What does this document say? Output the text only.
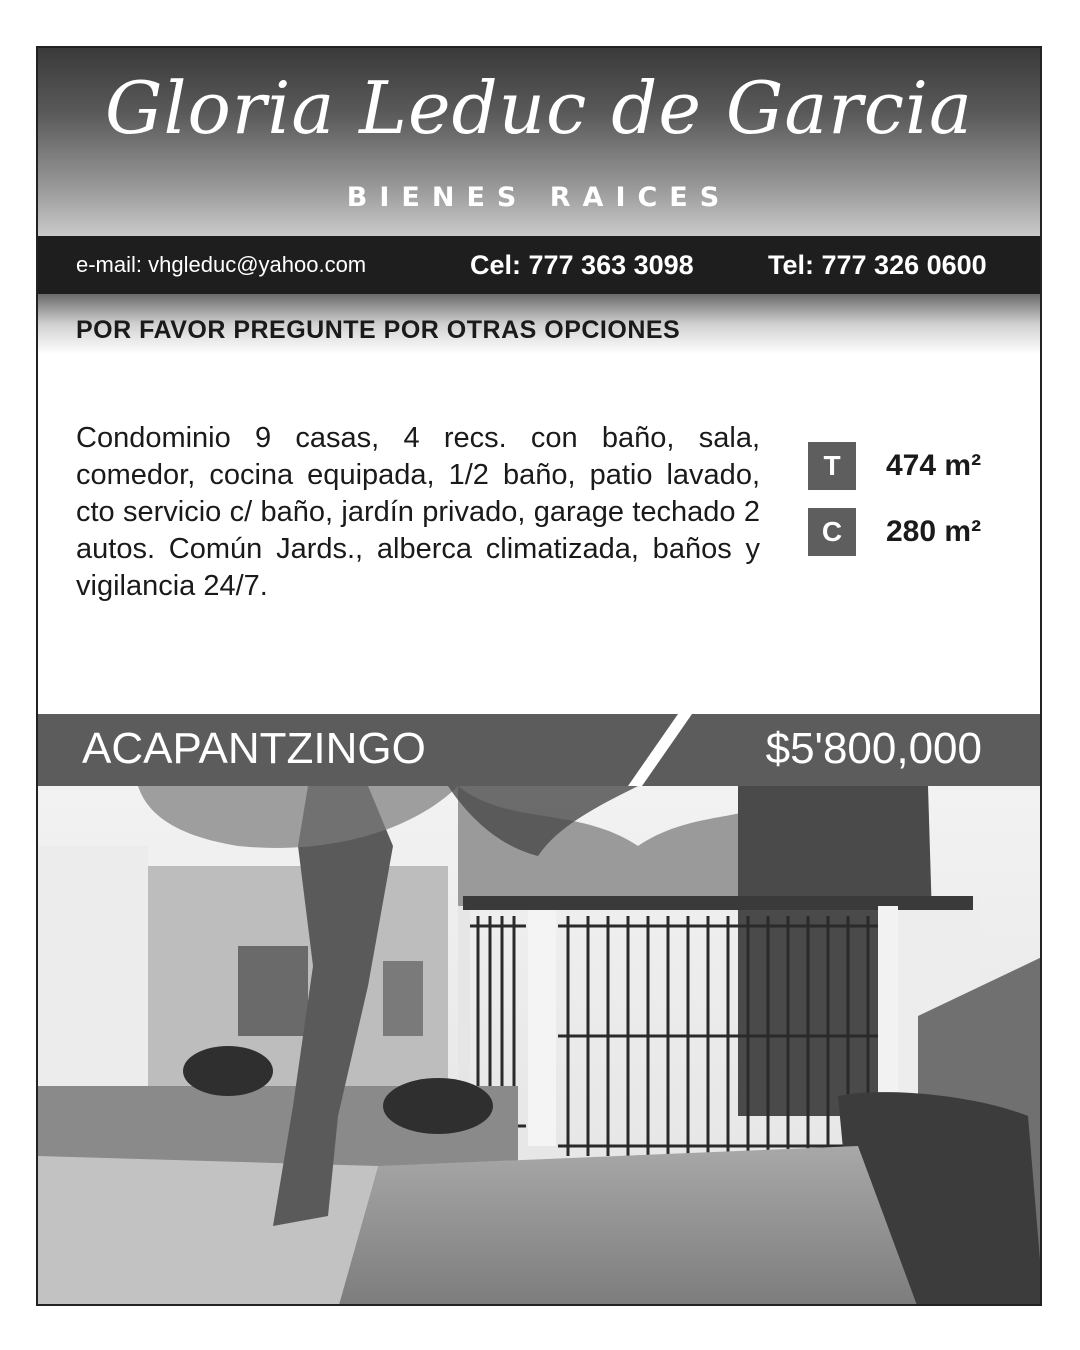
Gloria Leduc de Garcia
BIENES RAICES
e-mail: vhgleduc@yahoo.com	Cel: 777 363 3098	Tel: 777 326 0600
POR FAVOR PREGUNTE POR OTRAS OPCIONES
Condominio 9 casas, 4 recs. con baño, sala, comedor, cocina equipada, 1/2 baño, patio lavado, cto servicio c/ baño, jardín privado, garage techado 2 autos. Común Jards., alberca climatizada, baños y vigilancia 24/7.
T	474 m²
C	280 m²
ACAPANTZINGO	$5'800,000
